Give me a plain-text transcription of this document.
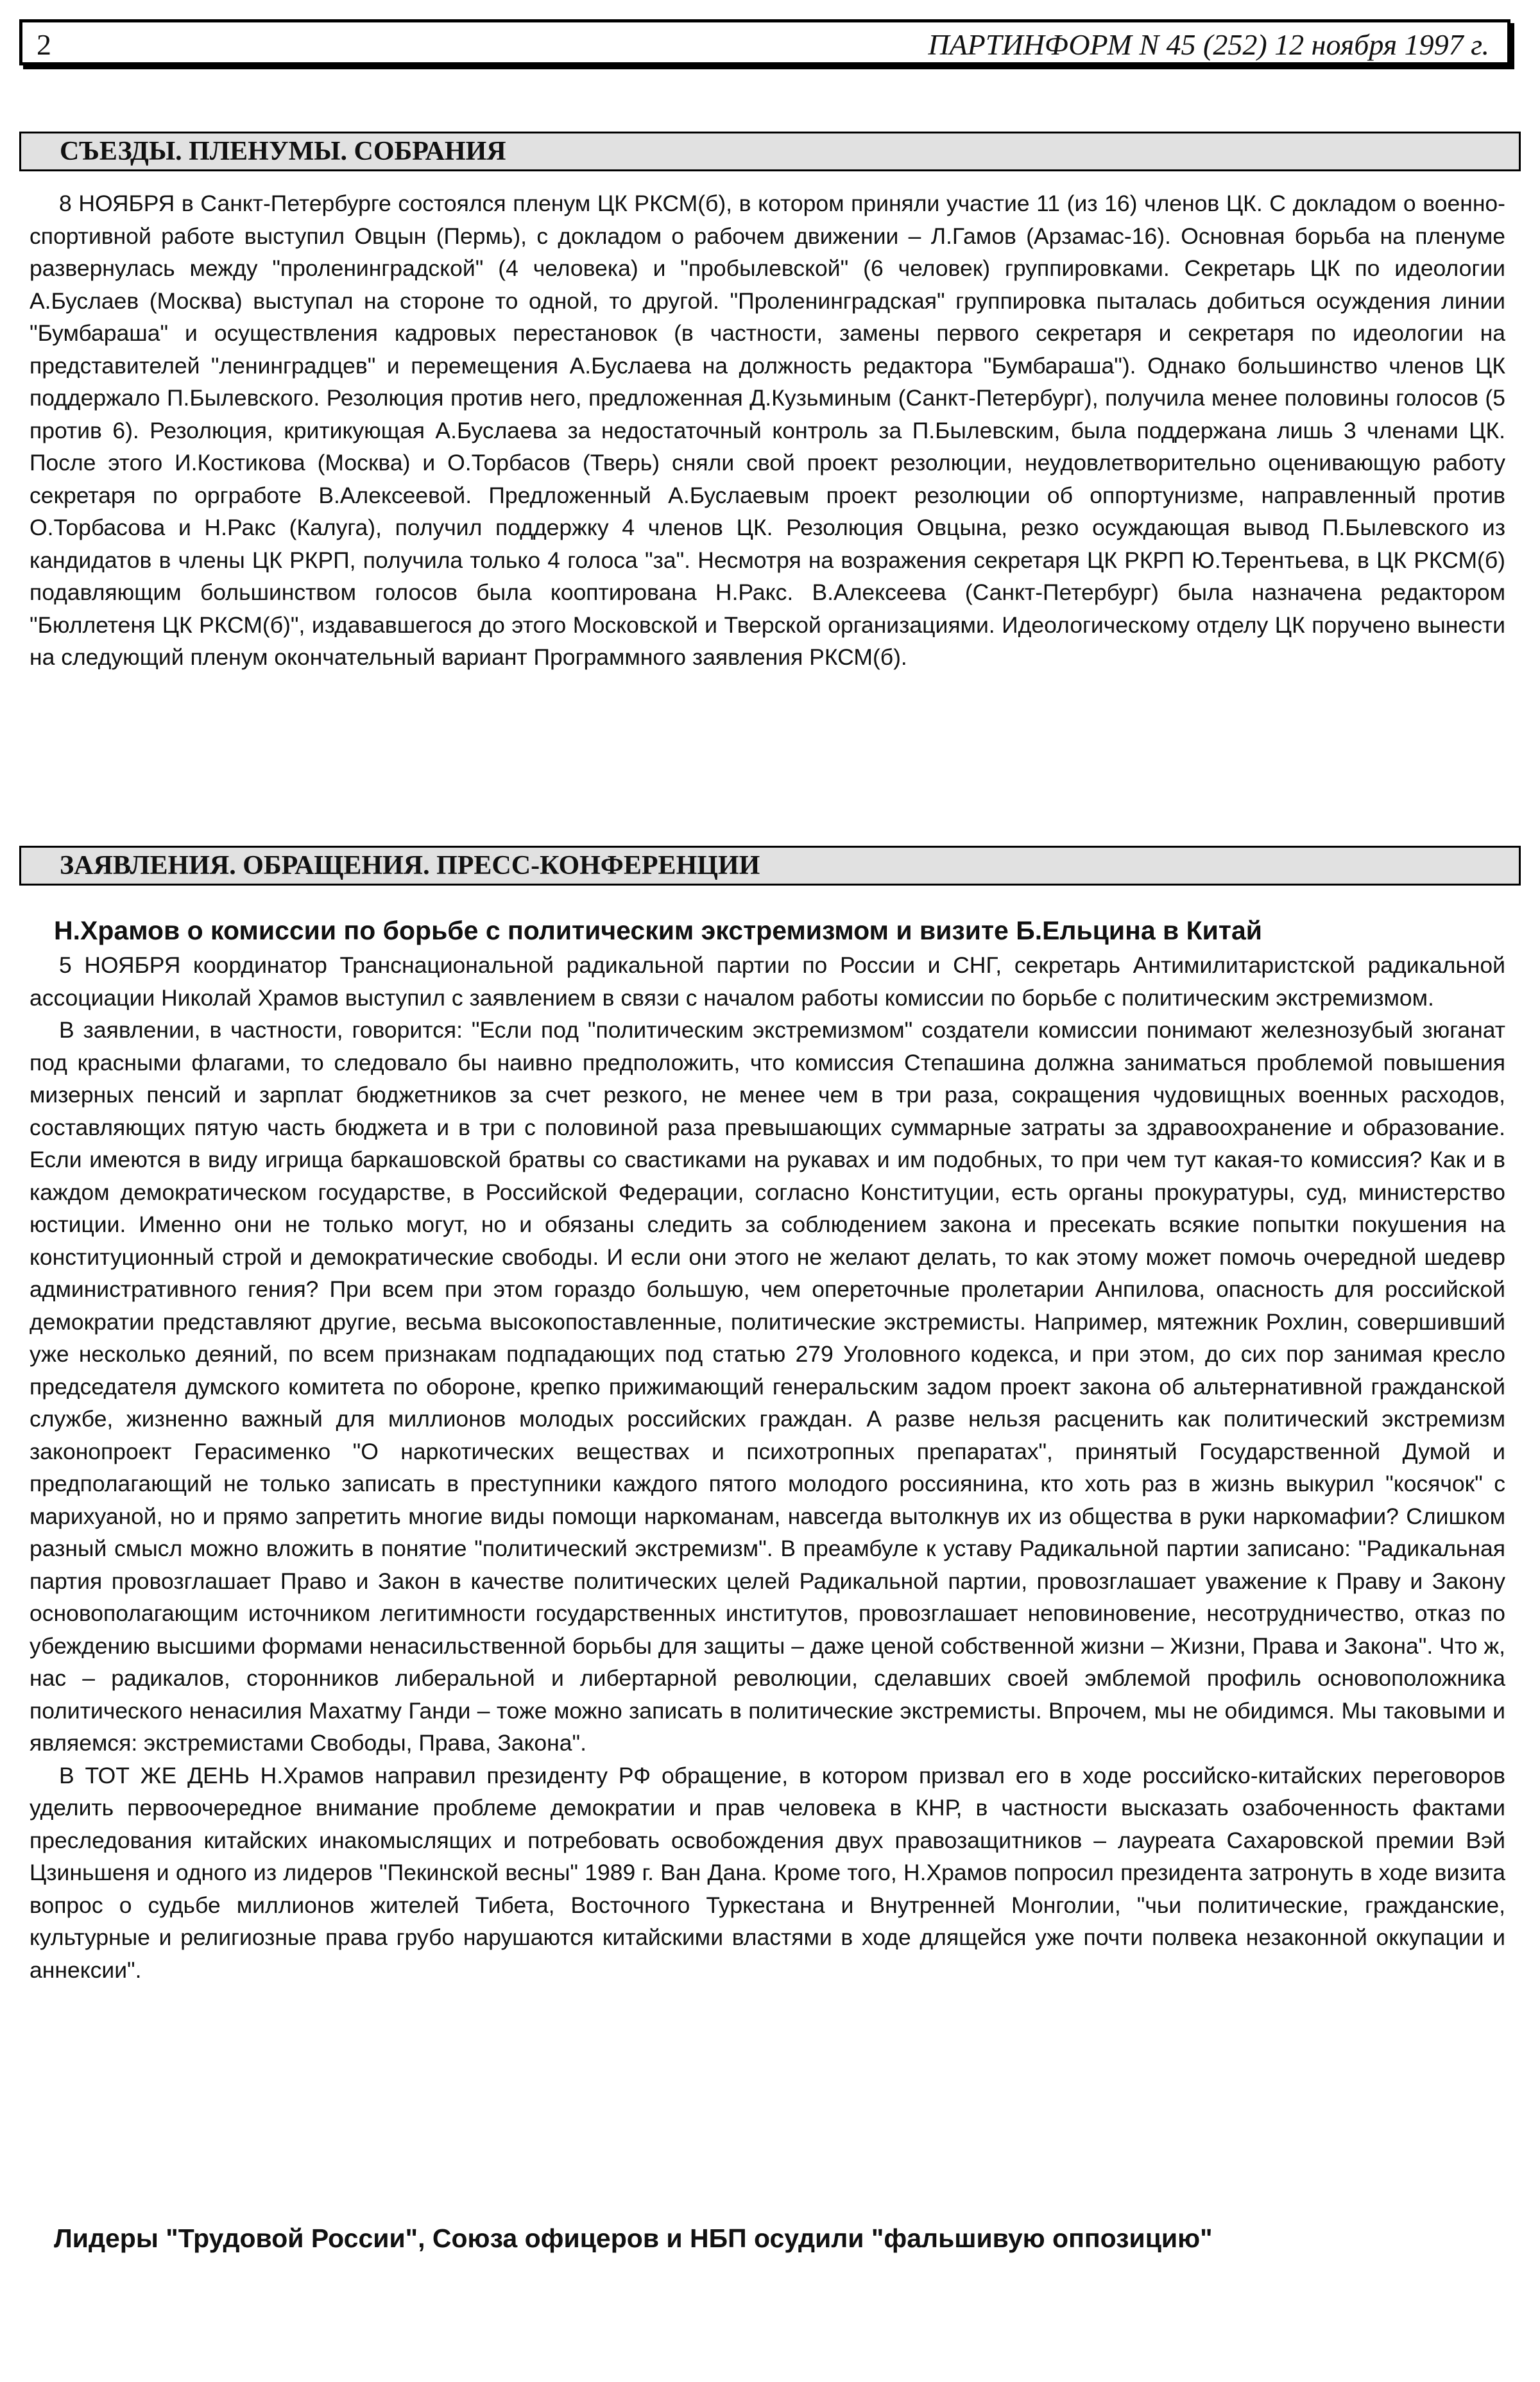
2	ПАРТИНФОРМ N 45 (252) 12 ноября 1997 г.
СЪЕЗДЫ. ПЛЕНУМЫ. СОБРАНИЯ

8 НОЯБРЯ в Санкт-Петербурге состоялся пленум ЦК РКСМ(б), в котором приняли участие 11 (из 16) членов ЦК. С докладом о военно-спортивной работе выступил Овцын (Пермь), с докладом о рабочем движении – Л.Гамов (Арзамас-16). Основная борьба на пленуме развернулась между "пролeнинградской" (4 человека) и "пробылевской" (6 человек) группировками. Секретарь ЦК по идеологии А.Буслаев (Москва) выступал на стороне то одной, то другой. "Пролeнинградская" группировка пыталась добиться осуждения линии "Бумбараша" и осуществления кадровых перестановок (в частности, замены первого секретаря и секретаря по идеологии на представителей "ленинградцев" и перемещения А.Буслаева на должность редактора "Бумбараша"). Однако большинство членов ЦК поддержало П.Былевского. Резолюция против него, предложенная Д.Кузьминым (Санкт-Петербург), получила менее половины голосов (5 против 6). Резолюция, критикующая А.Буслаева за недостаточный контроль за П.Былевским, была поддержана лишь 3 членами ЦК. После этого И.Костикова (Москва) и О.Торбасов (Тверь) сняли свой проект резолюции, неудовлетворительно оценивающую работу секретаря по оргработе В.Алексеевой. Предложенный А.Буслаевым проект резолюции об оппортунизме, направленный против О.Торбасова и Н.Ракс (Калуга), получил поддержку 4 членов ЦК. Резолюция Овцына, резко осуждающая вывод П.Былевского из кандидатов в члены ЦК РКРП, получила только 4 голоса "за". Несмотря на возражения секретаря ЦК РКРП Ю.Терентьева, в ЦК РКСМ(б) подавляющим большинством голосов была кооптирована Н.Ракс. В.Алексеева (Санкт-Петербург) была назначена редактором "Бюллетеня ЦК РКСМ(б)", издававшегося до этого Московской и Тверской организациями. Идеологическому отделу ЦК поручено вынести на следующий пленум окончательный вариант Программного заявления РКСМ(б).

ЗАЯВЛЕНИЯ. ОБРАЩЕНИЯ. ПРЕСС-КОНФЕРЕНЦИИ
Н.Храмов о комиссии по борьбе с политическим экстремизмом и визите Б.Ельцина в Китай

5 НОЯБРЯ координатор Транснациональной радикальной партии по России и СНГ, секретарь Антимилитаристской радикальной ассоциации Николай Храмов выступил с заявлением в связи с началом работы комиссии по борьбе с политическим экстремизмом.

В заявлении, в частности, говорится: "Если под "политическим экстремизмом" создатели комиссии понимают железнозубый зюганат под красными флагами, то следовало бы наивно предположить, что комиссия Степашина должна заниматься проблемой повышения мизерных пенсий и зарплат бюджетников за счет резкого, не менее чем в три раза, сокращения чудовищных военных расходов, составляющих пятую часть бюджета и в три с половиной раза превышающих суммарные затраты за здравоохранение и образование. Если имеются в виду игрища баркашовской братвы со свастиками на рукавах и им подобных, то при чем тут какая-то комиссия? Как и в каждом демократическом государстве, в Российской Федерации, согласно Конституции, есть органы прокуратуры, суд, министерство юстиции. Именно они не только могут, но и обязаны следить за соблюдением закона и пресекать всякие попытки покушения на конституционный строй и демократические свободы. И если они этого не желают делать, то как этому может помочь очередной шедевр административного гения? При всем при этом гораздо большую, чем опереточные пролетарии Анпилова, опасность для российской демократии представляют другие, весьма высокопоставленные, политические экстремисты. Например, мятежник Рохлин, совершивший уже несколько деяний, по всем признакам подпадающих под статью 279 Уголовного кодекса, и при этом, до сих пор занимая кресло председателя думского комитета по обороне, крепко прижимающий генеральским задом проект закона об альтернативной гражданской службе, жизненно важный для миллионов молодых российских граждан. А разве нельзя расценить как политический экстремизм законопроект Герасименко "О наркотических веществах и психотропных препаратах", принятый Государственной Думой и предполагающий не только записать в преступники каждого пятого молодого россиянина, кто хоть раз в жизнь выкурил "косячок" с марихуаной, но и прямо запретить многие виды помощи наркоманам, навсегда вытолкнув их из общества в руки наркомафии? Слишком разный смысл можно вложить в понятие "политический экстремизм". В преамбуле к уставу Радикальной партии записано: "Радикальная партия провозглашает Право и Закон в качестве политических целей Радикальной партии, провозглашает уважение к Праву и Закону основополагающим источником легитимности государственных институтов, провозглашает неповиновение, несотрудничество, отказ по убеждению высшими формами ненасильственной борьбы для защиты – даже ценой собственной жизни – Жизни, Права и Закона". Что ж, нас – радикалов, сторонников либеральной и либертарной революции, сделавших своей эмблемой профиль основоположника политического ненасилия Махатму Ганди – тоже можно записать в политические экстремисты. Впрочем, мы не обидимся. Мы таковыми и являемся: экстремистами Свободы, Права, Закона".

В ТОТ ЖЕ ДЕНЬ Н.Храмов направил президенту РФ обращение, в котором призвал его в ходе российско-китайских переговоров уделить первоочередное внимание проблеме демократии и прав человека в КНР, в частности высказать озабоченность фактами преследования китайских инакомыслящих и потребовать освобождения двух правозащитников – лауреата Сахаровской премии Вэй Цзиньшеня и одного из лидеров "Пекинской весны" 1989 г. Ван Дана. Кроме того, Н.Храмов попросил президента затронуть в ходе визита вопрос о судьбе миллионов жителей Тибета, Восточного Туркестана и Внутренней Монголии, "чьи политические, гражданские, культурные и религиозные права грубо нарушаются китайскими властями в ходе длящейся уже почти полвека незаконной оккупации и аннексии".

Лидеры "Трудовой России", Союза офицеров и НБП осудили "фальшивую оппозицию"
